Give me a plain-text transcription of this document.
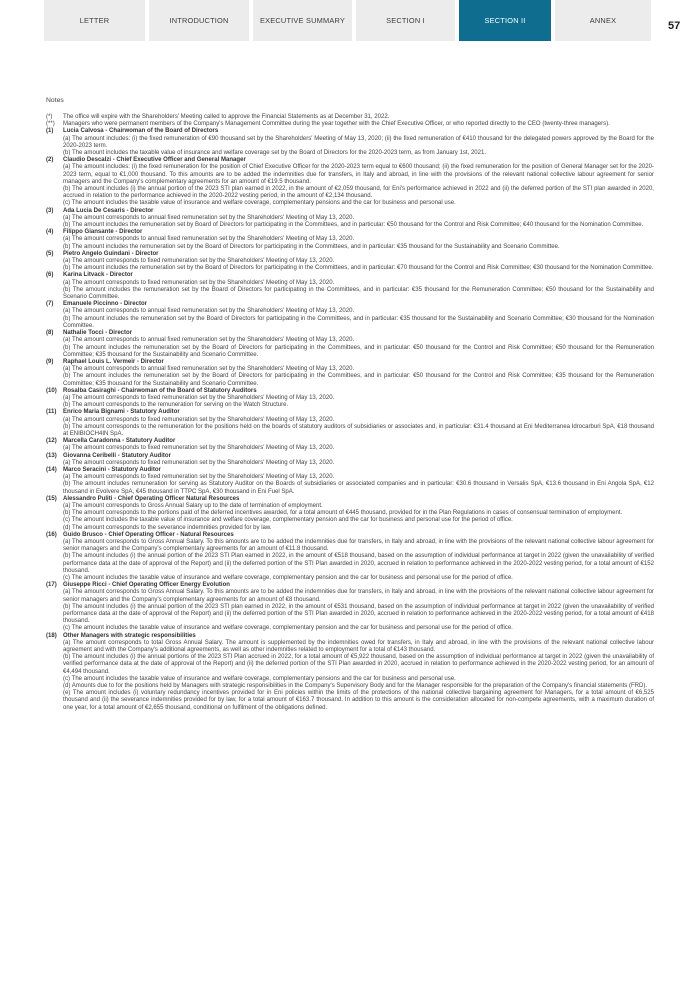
LETTER	INTRODUCTION	EXECUTIVE SUMMARY	SECTION I	SECTION II	ANNEX	57
Notes
(*)	The office will expire with the Shareholders' Meeting called to approve the Financial Statements as at December 31, 2022.
(**)	Managers who were permanent members of the Company's Management Committee during the year together with the Chief Executive Officer, or who reported directly to the CEO (twenty-three managers).
(1)	Lucia Calvosa - Chairwoman of the Board of Directors
(a) The amount includes: (i) the fixed remuneration of €90 thousand set by the Shareholders' Meeting of May 13, 2020; (ii) the fixed remuneration of €410 thousand for the delegated powers approved by the Board for the 2020-2023 term.
(b) The amount includes the taxable value of insurance and welfare coverage set by the Board of Directors for the 2020-2023 term, as from January 1st, 2021.
(2)	Claudio Descalzi - Chief Executive Officer and General Manager
(a) The amount includes: (i) the fixed remuneration for the position of Chief Executive Officer for the 2020-2023 term equal to €600 thousand; (ii) the fixed remuneration for the position of General Manager set for the 2020-2023 term, equal to €1,000 thousand. To this amounts are to be added the indemnities due for transfers, in Italy and abroad, in line with the provisions of the relevant national collective labour agreement for senior managers and the Company's complementary agreements for an amount of €19.5 thousand.
(b) The amount includes (i) the annual portion of the 2023 STI plan earned in 2022, in the amount of €2,059 thousand, for Eni's performance achieved in 2022 and (ii) the deferred portion of the STI plan awarded in 2020, accrued in relation to the performance achieved in the 2020-2022 vesting period, in the amount of €2,134 thousand.
(c) The amount includes the taxable value of insurance and welfare coverage, complementary pensions and the car for business and personal use.
(3)	Ada Lucia De Cesaris - Director
(a) The amount corresponds to annual fixed remuneration set by the Shareholders' Meeting of May 13, 2020.
(b) The amount includes the remuneration set by Board of Directors for participating in the Committees, and in particular: €50 thousand for the Control and Risk Committee; €40 thousand for the Nomination Committee.
(4)	Filippo Giansante - Director
(a) The amount corresponds to annual fixed remuneration set by the Shareholders' Meeting of May 13, 2020.
(b) The amount includes the remuneration set by the Board of Directors for participating in the Committees, and in particular: €35 thousand for the Sustainability and Scenario Committee.
(5)	Pietro Angelo Guindani - Director
(a) The amount corresponds to fixed remuneration set by the Shareholders' Meeting of May 13, 2020.
(b) The amount includes the remuneration set by the Board of Directors for participating in the Committees, and in particular: €70 thousand for the Control and Risk Committee; €30 thousand for the Nomination Committee.
(6)	Karina Litvack - Director
(a) The amount corresponds to fixed remuneration set by the Shareholders' Meeting of May 13, 2020.
(b) The amount includes the remuneration set by the Board of Directors for participating in the Committees, and in particular: €35 thousand for the Remuneration Committee; €50 thousand for the Sustainability and Scenario Committee.
(7)	Emanuele Piccinno - Director
(a) The amount corresponds to annual fixed remuneration set by the Shareholders' Meeting of May 13, 2020.
(b) The amount includes the remuneration set by the Board of Directors for participating in the Committees, and in particular: €35 thousand for the Sustainability and Scenario Committee; €30 thousand for the Nomination Committee.
(8)	Nathalie Tocci - Director
(a) The amount corresponds to annual fixed remuneration set by the Shareholders' Meeting of May 13, 2020.
(b) The amount includes the remuneration set by the Board of Directors for participating in the Committees, and in particular: €50 thousand for the Control and Risk Committee; €50 thousand for the Remuneration Committee; €35 thousand for the Sustainability and Scenario Committee.
(9)	Raphael Louis L. Vermeir - Director
(a) The amount corresponds to annual fixed remuneration set by the Shareholders' Meeting of May 13, 2020.
(b) The amount includes the remuneration set by the Board of Directors for participating in the Committees, and in particular: €50 thousand for the Control and Risk Committee; €35 thousand for the Remuneration Committee; €35 thousand for the Sustainability and Scenario Committee.
(10)	Rosalba Casiraghi - Chairwoman of the Board of Statutory Auditors
(a) The amount corresponds to fixed remuneration set by the Shareholders' Meeting of May 13, 2020.
(b) The amount corresponds to the remuneration for serving on the Watch Structure.
(11)	Enrico Maria Bignami - Statutory Auditor
(a) The amount corresponds to fixed remuneration set by the Shareholders' Meeting of May 13, 2020.
(b) The amount corresponds to the remuneration for the positions held on the boards of statutory auditors of subsidiaries or associates and, in particular: €31.4 thousand at Eni Mediterranea Idrocarburi SpA, €18 thousand at ENIBIOCH4IN SpA.
(12)	Marcella Caradonna - Statutory Auditor
(a) The amount corresponds to fixed remuneration set by the Shareholders' Meeting of May 13, 2020.
(13)	Giovanna Ceribelli - Statutory Auditor
(a) The amount corresponds to fixed remuneration set by the Shareholders' Meeting of May 13, 2020.
(14)	Marco Seracini - Statutory Auditor
(a) The amount corresponds to fixed remuneration set by the Shareholders' Meeting of May 13, 2020.
(b) The amount includes remuneration for serving as Statutory Auditor on the Boards of subsidiaries or associated companies and in particular: €30.6 thousand in Versalis SpA, €13.6 thousand in Eni Angola SpA, €12 thousand in Evolvere SpA, €45 thousand in TTPC SpA, €30 thousand in Eni Fuel SpA.
(15)	Alessandro Puliti - Chief Operating Officer Natural Resources
(a) The amount corresponds to Gross Annual Salary up to the date of termination of employment.
(b) The amount corresponds to the portions paid of the deferred incentives awarded, for a total amount of €445 thousand, provided for in the Plan Regulations in cases of consensual termination of employment.
(c) The amount includes the taxable value of insurance and welfare coverage, complementary pension and the car for business and personal use for the period of office.
(d) The amount corresponds to the severance indemnities provided for by law.
(16)	Guido Brusco - Chief Operating Officer - Natural Resources
(a) The amount corresponds to Gross Annual Salary. To this amounts are to be added the indemnities due for transfers, in Italy and abroad, in line with the provisions of the relevant national collective labour agreement for senior managers and the Company's complementary agreements for an amount of €11.8 thousand.
(b) The amount includes (i) the annual portion of the 2023 STI Plan earned in 2022, in the amount of €518 thousand, based on the assumption of individual performance at target in 2022 (given the unavailability of verified performance data at the date of approval of the Report) and (ii) the deferred portion of the STI Plan awarded in 2020, accrued in relation to performance achieved in the 2020-2022 vesting period, for a total amount of €152 thousand.
(c) The amount includes the taxable value of insurance and welfare coverage, complementary pension and the car for business and personal use for the period of office.
(17)	Giuseppe Ricci - Chief Operating Officer Energy Evolution
(a) The amount corresponds to Gross Annual Salary. To this amounts are to be added the indemnities due for transfers, in Italy and abroad, in line with the provisions of the relevant national collective labour agreement for senior managers and the Company's complementary agreements for an amount of €8 thousand.
(b) The amount includes (i) the annual portion of the 2023 STI plan earned in 2022, in the amount of €531 thousand, based on the assumption of individual performance at target in 2022 (given the unavailability of verified performance data at the date of approval of the Report) and (ii) the deferred portion of the STI Plan awarded in 2020, accrued in relation to performance achieved in the 2020-2022 vesting period, for a total amount of €418 thousand.
(c) The amount includes the taxable value of insurance and welfare coverage, complementary pension and the car for business and personal use for the period of office.
(18)	Other Managers with strategic responsibilities
(a) The amount corresponds to total Gross Annual Salary. The amount is supplemented by the indemnities owed for transfers, in Italy and abroad, in line with the provisions of the relevant national collective labour agreement and with the Company's additional agreements, as well as other indemnities related to employment for a total of €143 thousand.
(b) The amount includes (i) the annual portions of the 2023 STI Plan accrued in 2022, for a total amount of €5,922 thousand, based on the assumption of individual performance at target in 2022 (given the unavailability of verified performance data at the date of approval of the Report) and (ii) the deferred portion of the STI Plan awarded in 2020, accrued in relation to performance achieved in the 2020-2022 vesting period, for an amount of €4,494 thousand.
(c) The amount includes the taxable value of insurance and welfare coverage, complementary pensions and the car for business and personal use.
(d) Amounts due to for the positions held by Managers with strategic responsibilities in the Company's Supervisory Body and for the Manager responsible for the preparation of the Company's financial statements (FRD).
(e) The amount includes (i) voluntary redundancy incentives provided for in Eni policies within the limits of the protections of the national collective bargaining agreement for Managers, for a total amount of €6,525 thousand and (ii) the severance indemnities provided for by law, for a total amount of €163.7 thousand. In addition to this amount is the consideration allocated for non-compete agreements, with a maximum duration of one year, for a total amount of €2,655 thousand, conditional on fulfilment of the obligations defined.
